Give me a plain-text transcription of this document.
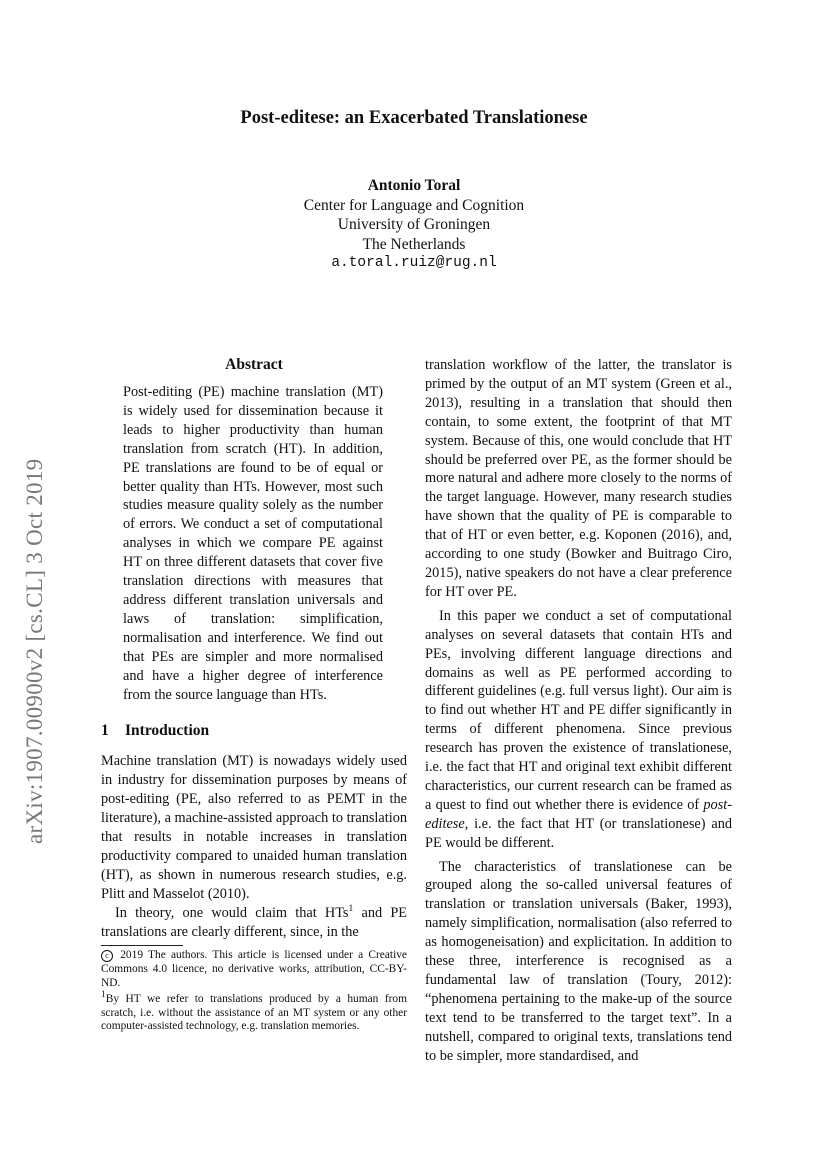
arXiv:1907.00900v2 [cs.CL] 3 Oct 2019
Post-editese: an Exacerbated Translationese
Antonio Toral
Center for Language and Cognition
University of Groningen
The Netherlands
a.toral.ruiz@rug.nl
Abstract
Post-editing (PE) machine translation (MT) is widely used for dissemination because it leads to higher productivity than human translation from scratch (HT). In addition, PE translations are found to be of equal or better quality than HTs. However, most such studies measure quality solely as the number of errors. We conduct a set of computational analyses in which we compare PE against HT on three different datasets that cover five translation directions with measures that address different translation universals and laws of translation: simplification, normalisation and interference. We find out that PEs are simpler and more normalised and have a higher degree of interference from the source language than HTs.
1 Introduction

Machine translation (MT) is nowadays widely used in industry for dissemination purposes by means of post-editing (PE, also referred to as PEMT in the literature), a machine-assisted approach to translation that results in notable increases in translation productivity compared to unaided human translation (HT), as shown in numerous research studies, e.g. Plitt and Masselot (2010).

In theory, one would claim that HTs$^1$ and PE translations are clearly different, since, in the

c 2019 The authors. This article is licensed under a Creative Commons 4.0 licence, no derivative works, attribution, CC-BY-ND.

$^1$By HT we refer to translations produced by a human from scratch, i.e. without the assistance of an MT system or any other computer-assisted technology, e.g. translation memories.

translation workflow of the latter, the translator is primed by the output of an MT system (Green et al., 2013), resulting in a translation that should then contain, to some extent, the footprint of that MT system. Because of this, one would conclude that HT should be preferred over PE, as the former should be more natural and adhere more closely to the norms of the target language. However, many research studies have shown that the quality of PE is comparable to that of HT or even better, e.g. Koponen (2016), and, according to one study (Bowker and Buitrago Ciro, 2015), native speakers do not have a clear preference for HT over PE.

In this paper we conduct a set of computational analyses on several datasets that contain HTs and PEs, involving different language directions and domains as well as PE performed according to different guidelines (e.g. full versus light). Our aim is to find out whether HT and PE differ significantly in terms of different phenomena. Since previous research has proven the existence of translationese, i.e. the fact that HT and original text exhibit different characteristics, our current research can be framed as a quest to find out whether there is evidence of post-editese, i.e. the fact that HT (or translationese) and PE would be different.

The characteristics of translationese can be grouped along the so-called universal features of translation or translation universals (Baker, 1993), namely simplification, normalisation (also referred to as homogeneisation) and explicitation. In addition to these three, interference is recognised as a fundamental law of translation (Toury, 2012): “phenomena pertaining to the make-up of the source text tend to be transferred to the target text”. In a nutshell, compared to original texts, translations tend to be simpler, more standardised, and
